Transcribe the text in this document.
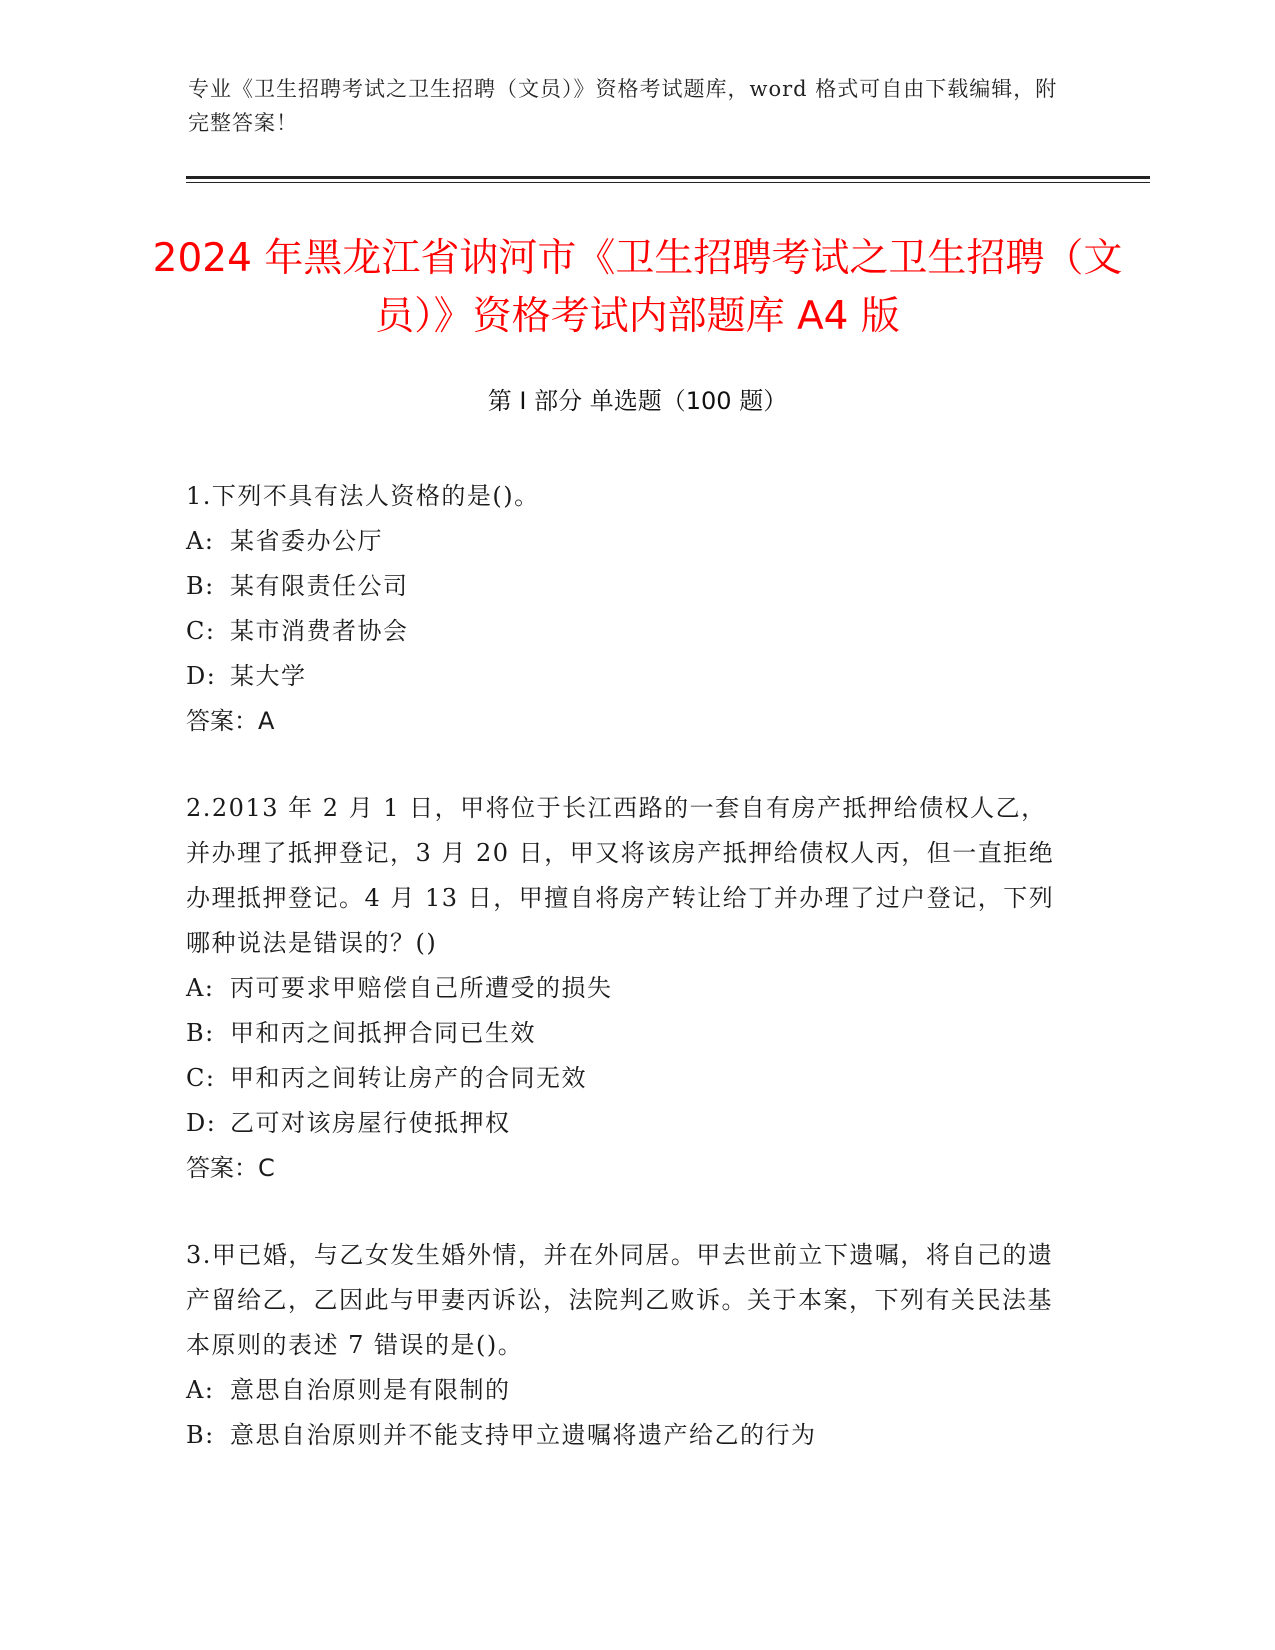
专业《卫生招聘考试之卫生招聘（文员）》资格考试题库，word 格式可自由下载编辑，附完整答案！
2024 年黑龙江省讷河市《卫生招聘考试之卫生招聘（文员）》资格考试内部题库 A4 版
第 I 部分 单选题（100 题）

1.下列不具有法人资格的是()。

A: 某省委办公厅

B: 某有限责任公司

C: 某市消费者协会

D: 某大学

答案：A

2.2013 年 2 月 1 日，甲将位于长江西路的一套自有房产抵押给债权人乙，并办理了抵押登记，3 月 20 日，甲又将该房产抵押给债权人丙，但一直拒绝办理抵押登记。4 月 13 日，甲擅自将房产转让给丁并办理了过户登记，下列哪种说法是错误的？()

A: 丙可要求甲赔偿自己所遭受的损失

B: 甲和丙之间抵押合同已生效

C: 甲和丙之间转让房产的合同无效

D: 乙可对该房屋行使抵押权

答案：C

3.甲已婚，与乙女发生婚外情，并在外同居。甲去世前立下遗嘱，将自己的遗产留给乙，乙因此与甲妻丙诉讼，法院判乙败诉。关于本案，下列有关民法基本原则的表述 7 错误的是()。

A: 意思自治原则是有限制的

B: 意思自治原则并不能支持甲立遗嘱将遗产给乙的行为
